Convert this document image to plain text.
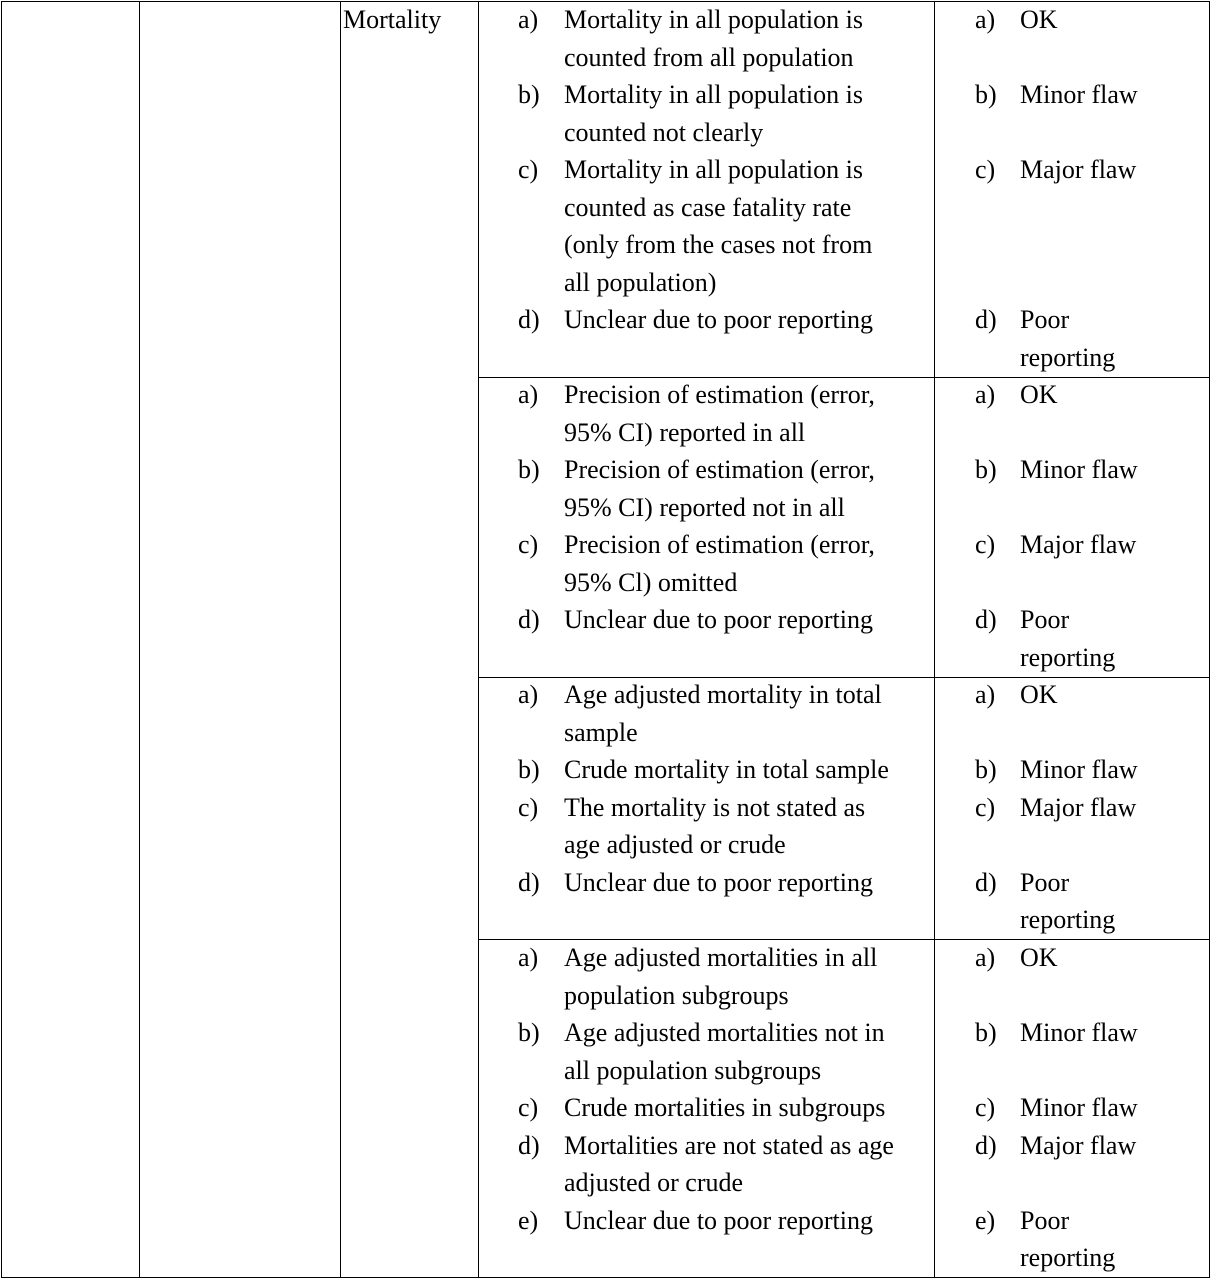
Mortality	a) Mortality in all population is
counted from all population
b) Mortality in all population is
counted not clearly
c) Mortality in all population is
counted as case fatality rate
(only from the cases not from
all population)
d) Unclear due to poor reporting
a) OK
b) Minor flaw
c) Major flaw
d) Poor
reporting
a) Precision of estimation (error,
95% CI) reported in all
b) Precision of estimation (error,
95% CI) reported not in all
c) Precision of estimation (error,
95% Cl) omitted
d) Unclear due to poor reporting
a) OK
b) Minor flaw
c) Major flaw
d) Poor
reporting
a) Age adjusted mortality in total
sample
b) Crude mortality in total sample
c) The mortality is not stated as
age adjusted or crude
d) Unclear due to poor reporting
a) OK
b) Minor flaw
c) Major flaw
d) Poor
reporting
a) Age adjusted mortalities in all
population subgroups
b) Age adjusted mortalities not in
all population subgroups
c) Crude mortalities in subgroups
d) Mortalities are not stated as age
adjusted or crude
e) Unclear due to poor reporting
a) OK
b) Minor flaw
c) Minor flaw
d) Major flaw
e) Poor
reporting
